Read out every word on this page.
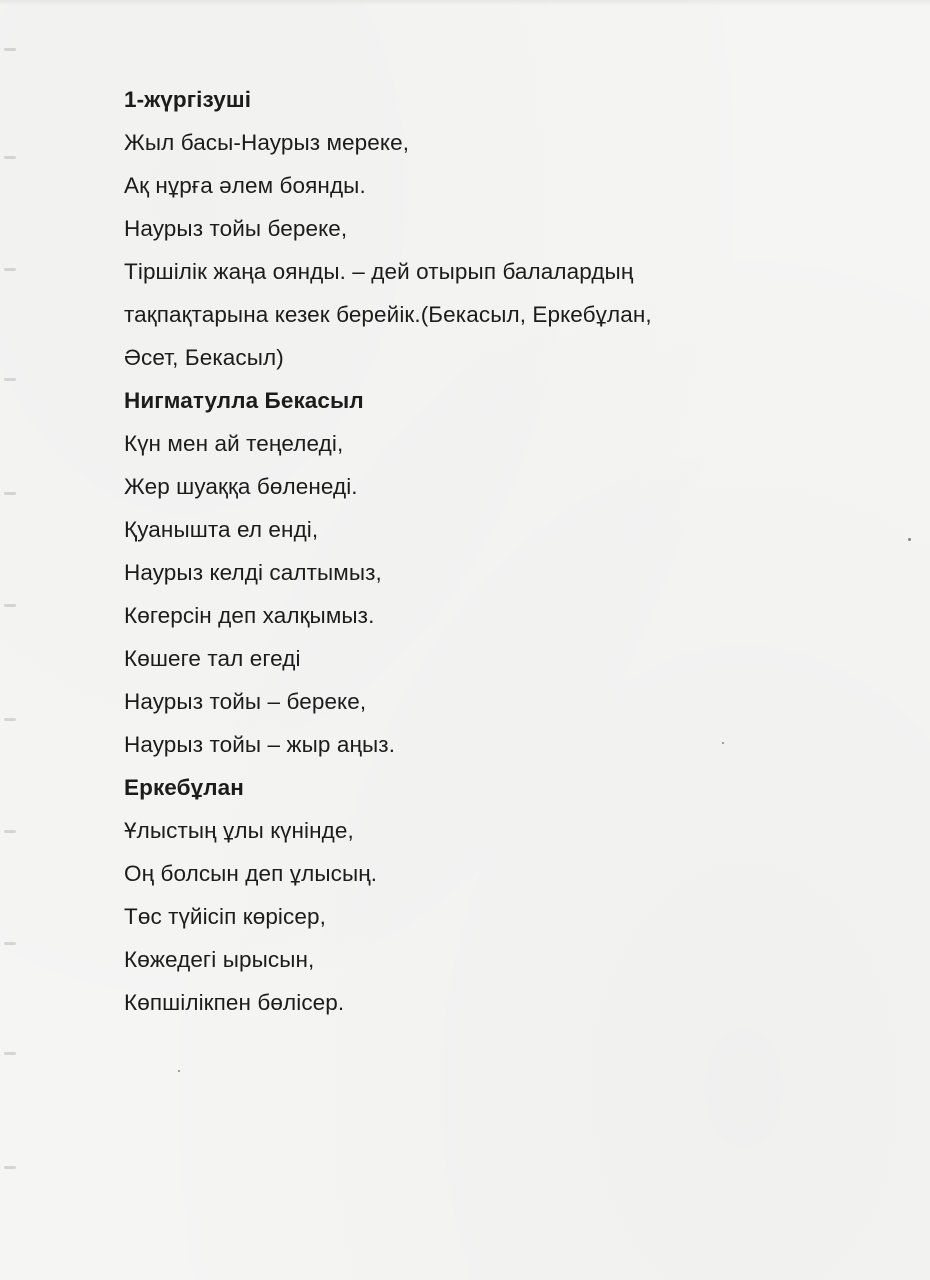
1-жүргізуші
Жыл басы-Наурыз мереке,
Ақ нұрға әлем боянды.
Наурыз тойы береке,
Тіршілік жаңа оянды. – дей отырып балалардың
тақпақтарына кезек берейік.(Бекасыл, Еркебұлан,
Әсет, Бекасыл)
Нигматулла Бекасыл
Күн мен ай теңеледі,
Жер шуаққа бөленеді.
Қуанышта ел енді,
Наурыз келді салтымыз,
Көгерсін деп халқымыз.
Көшеге тал егеді
Наурыз тойы – береке,
Наурыз тойы – жыр аңыз.
Еркебұлан
Ұлыстың ұлы күнінде,
Оң болсын деп ұлысың.
Төс түйісіп көрісер,
Көжедегі ырысын,
Көпшілікпен бөлісер.
